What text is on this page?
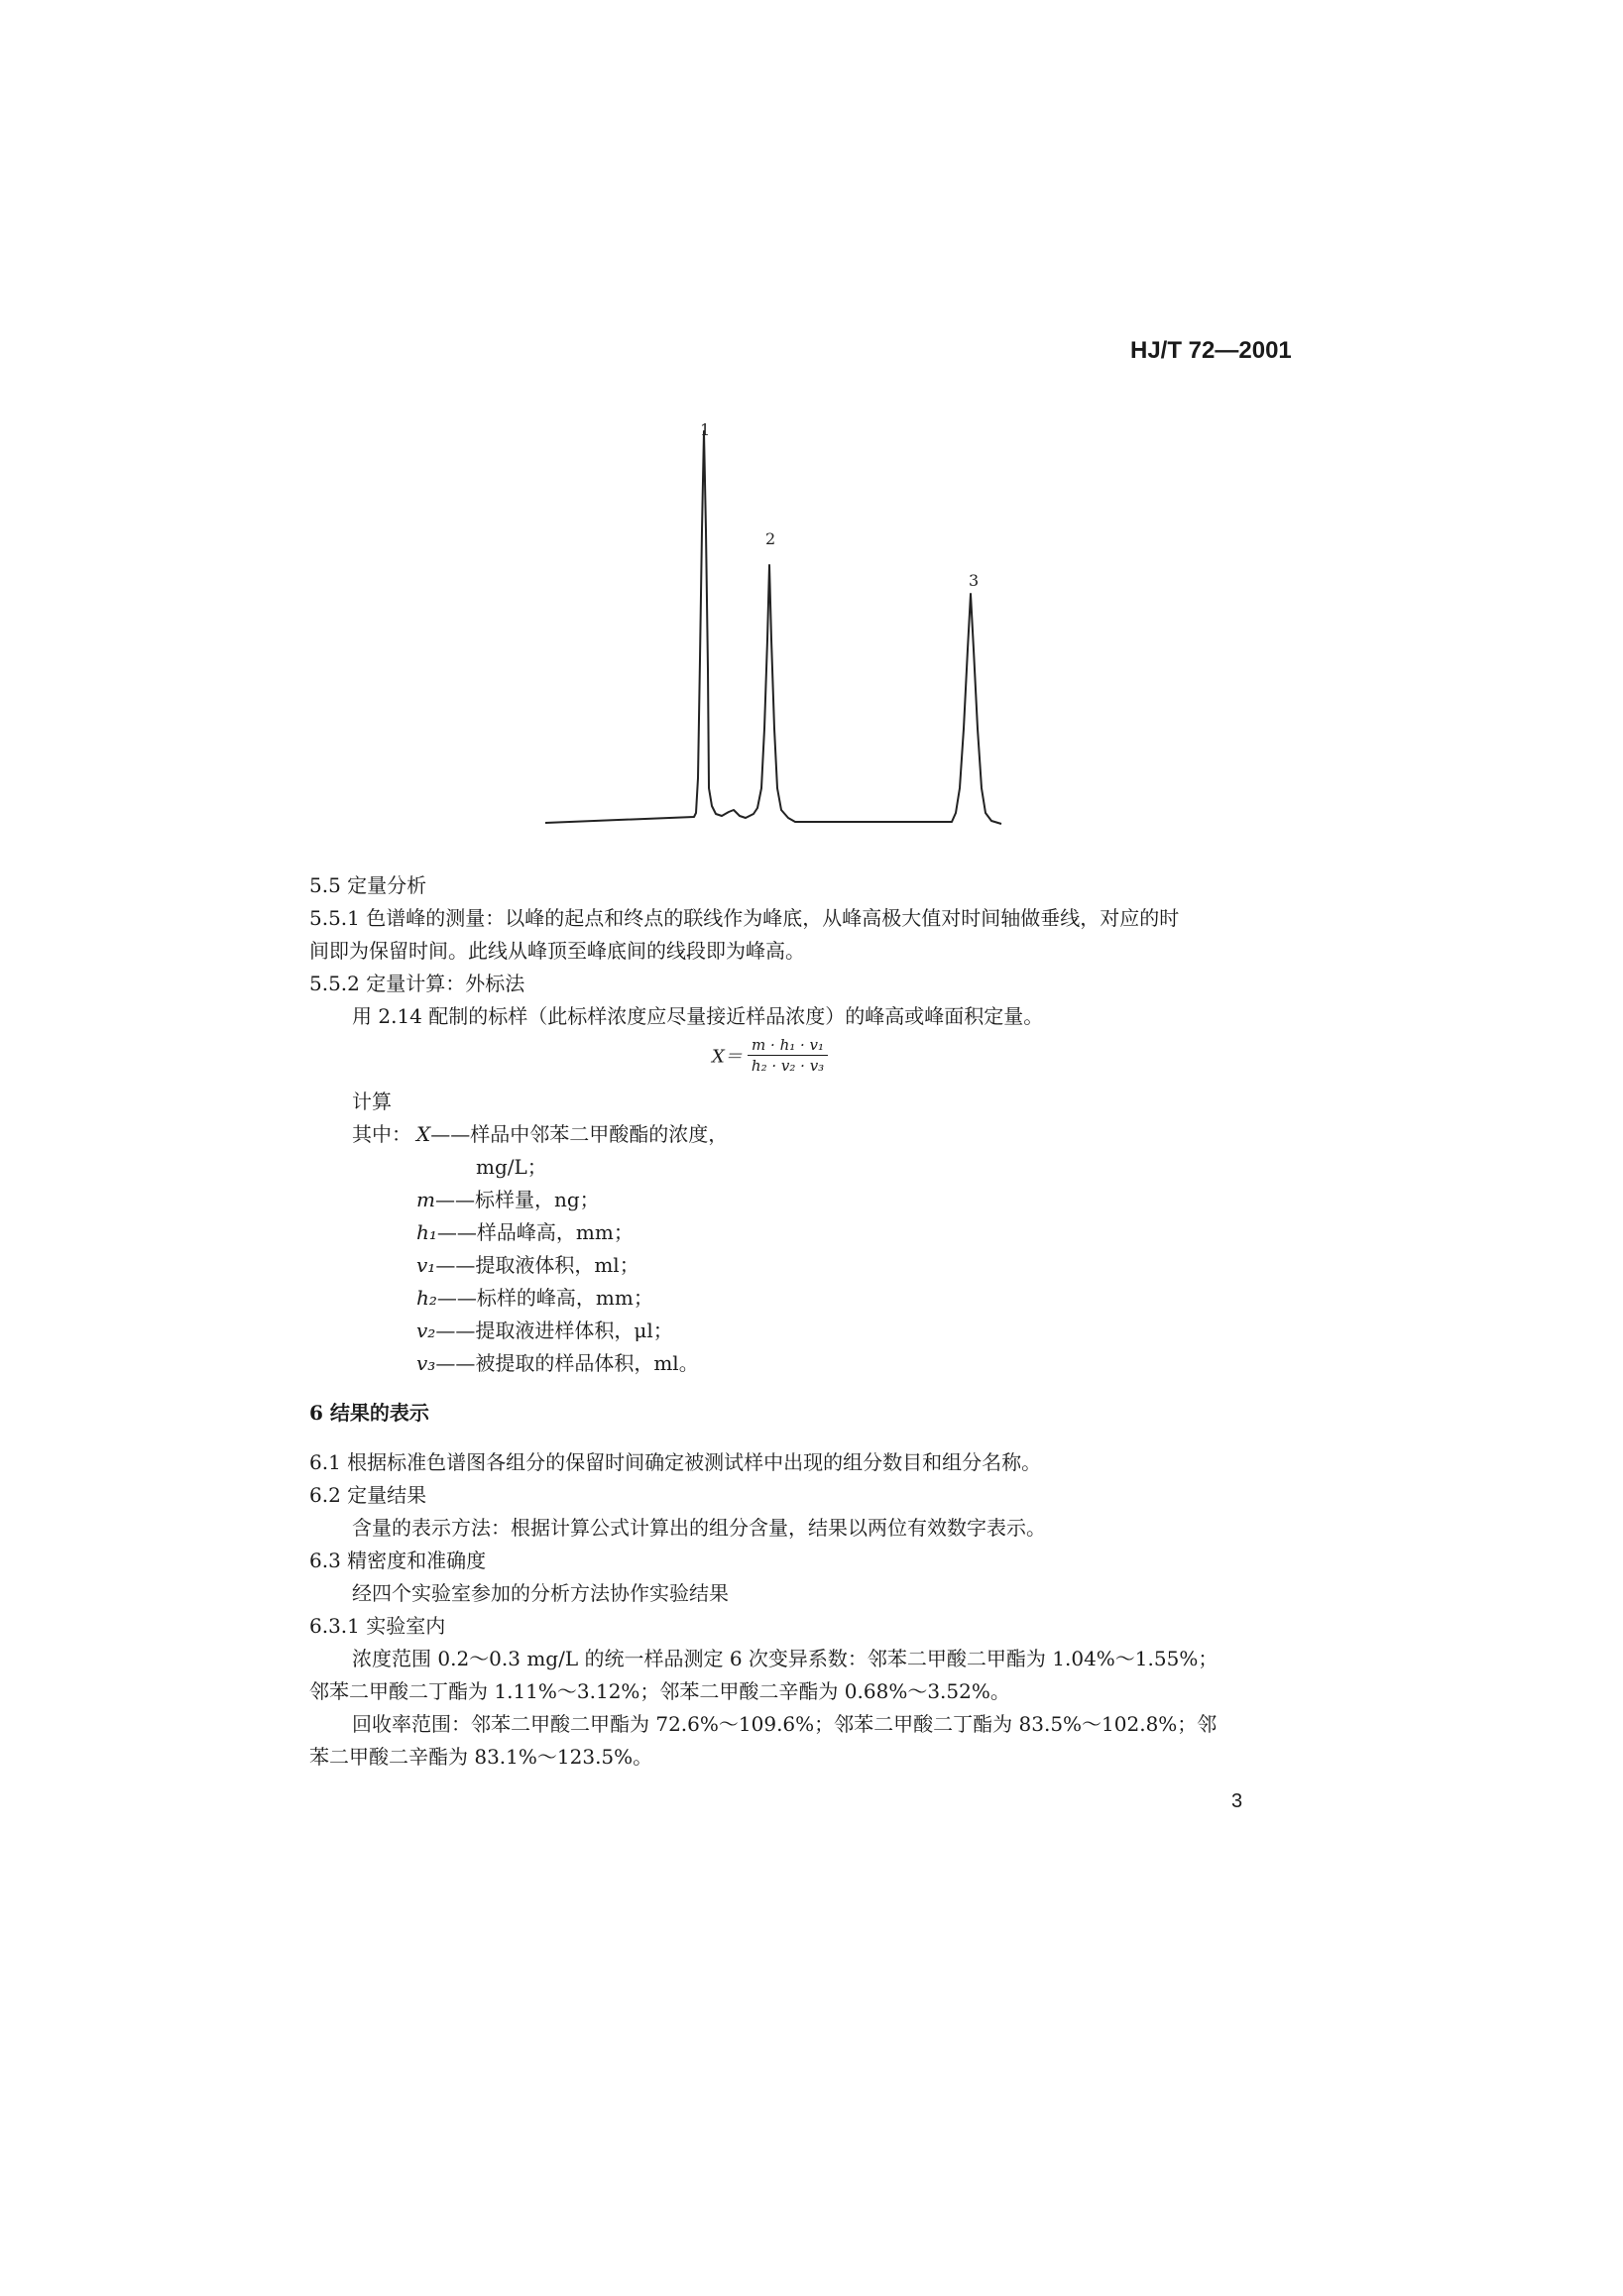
HJ/T 72—2001
1
2
3
5.5 定量分析
5.5.1 色谱峰的测量：以峰的起点和终点的联线作为峰底，从峰高极大值对时间轴做垂线，对应的时
间即为保留时间。此线从峰顶至峰底间的线段即为峰高。
5.5.2 定量计算：外标法
用 2.14 配制的标样（此标样浓度应尽量接近样品浓度）的峰高或峰面积定量。
$X= \frac{\text{m · h₁ · v₁}}{\text{h₂ · v₂ · v₃}}$
计算
其中： X——样品中邻苯二甲酸酯的浓度，
mg/L；
m——标样量，ng；
h₁——样品峰高，mm；
v₁——提取液体积，ml；
h₂——标样的峰高，mm；
v₂——提取液进样体积，μl；
v₃——被提取的样品体积，ml。
6 结果的表示
6.1 根据标准色谱图各组分的保留时间确定被测试样中出现的组分数目和组分名称。
6.2 定量结果
含量的表示方法：根据计算公式计算出的组分含量，结果以两位有效数字表示。
6.3 精密度和准确度
经四个实验室参加的分析方法协作实验结果
6.3.1 实验室内
浓度范围 0.2～0.3 mg/L 的统一样品测定 6 次变异系数：邻苯二甲酸二甲酯为 1.04%～1.55%；
邻苯二甲酸二丁酯为 1.11%～3.12%；邻苯二甲酸二辛酯为 0.68%～3.52%。
回收率范围：邻苯二甲酸二甲酯为 72.6%～109.6%；邻苯二甲酸二丁酯为 83.5%～102.8%；邻
苯二甲酸二辛酯为 83.1%～123.5%。
3
